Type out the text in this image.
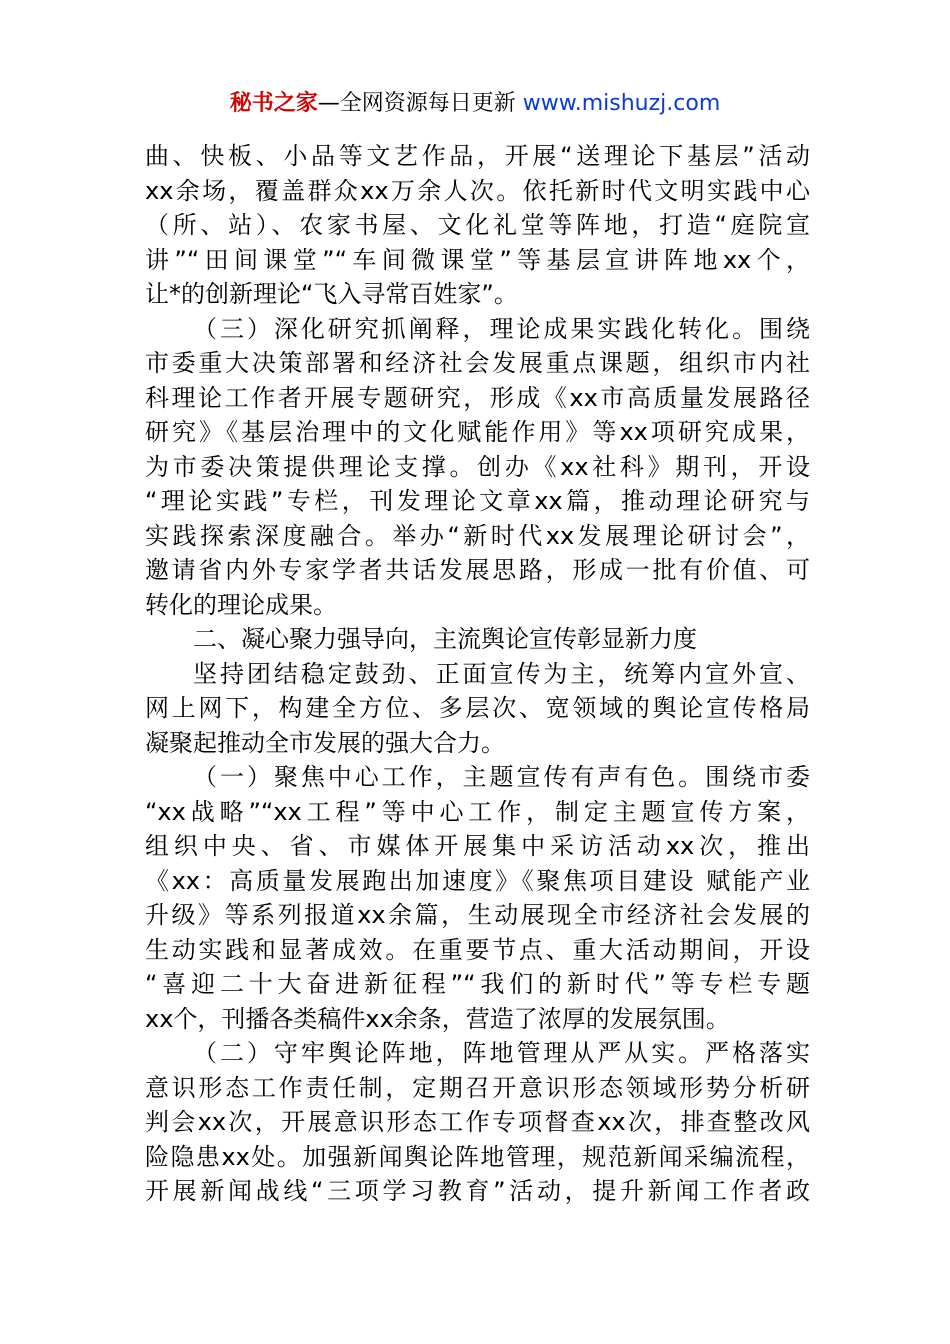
秘书之家—全网资源每日更新 www.mishuzj.com
曲、快板、小品等文艺作品，开展“送理论下基层”活动
xx余场，覆盖群众xx万余人次。依托新时代文明实践中心
（所、站）、农家书屋、文化礼堂等阵地，打造“庭院宣
讲”“田间课堂”“车间微课堂”等基层宣讲阵地xx个，
让*的创新理论“飞入寻常百姓家”。
（三）深化研究抓阐释，理论成果实践化转化。围绕
市委重大决策部署和经济社会发展重点课题，组织市内社
科理论工作者开展专题研究，形成《xx市高质量发展路径
研究》《基层治理中的文化赋能作用》等xx项研究成果，
为市委决策提供理论支撑。创办《xx社科》期刊，开设
“理论实践”专栏，刊发理论文章xx篇，推动理论研究与
实践探索深度融合。举办“新时代xx发展理论研讨会”，
邀请省内外专家学者共话发展思路，形成一批有价值、可
转化的理论成果。
二、凝心聚力强导向，主流舆论宣传彰显新力度
坚持团结稳定鼓劲、正面宣传为主，统筹内宣外宣、
网上网下，构建全方位、多层次、宽领域的舆论宣传格局
凝聚起推动全市发展的强大合力。
（一）聚焦中心工作，主题宣传有声有色。围绕市委
“xx战略”“xx工程”等中心工作，制定主题宣传方案，
组织中央、省、市媒体开展集中采访活动xx次，推出
《xx：高质量发展跑出加速度》《聚焦项目建设 赋能产业
升级》等系列报道xx余篇，生动展现全市经济社会发展的
生动实践和显著成效。在重要节点、重大活动期间，开设
“喜迎二十大奋进新征程”“我们的新时代”等专栏专题
xx个，刊播各类稿件xx余条，营造了浓厚的发展氛围。
（二）守牢舆论阵地，阵地管理从严从实。严格落实
意识形态工作责任制，定期召开意识形态领域形势分析研
判会xx次，开展意识形态工作专项督查xx次，排查整改风
险隐患xx处。加强新闻舆论阵地管理，规范新闻采编流程，
开展新闻战线“三项学习教育”活动，提升新闻工作者政
